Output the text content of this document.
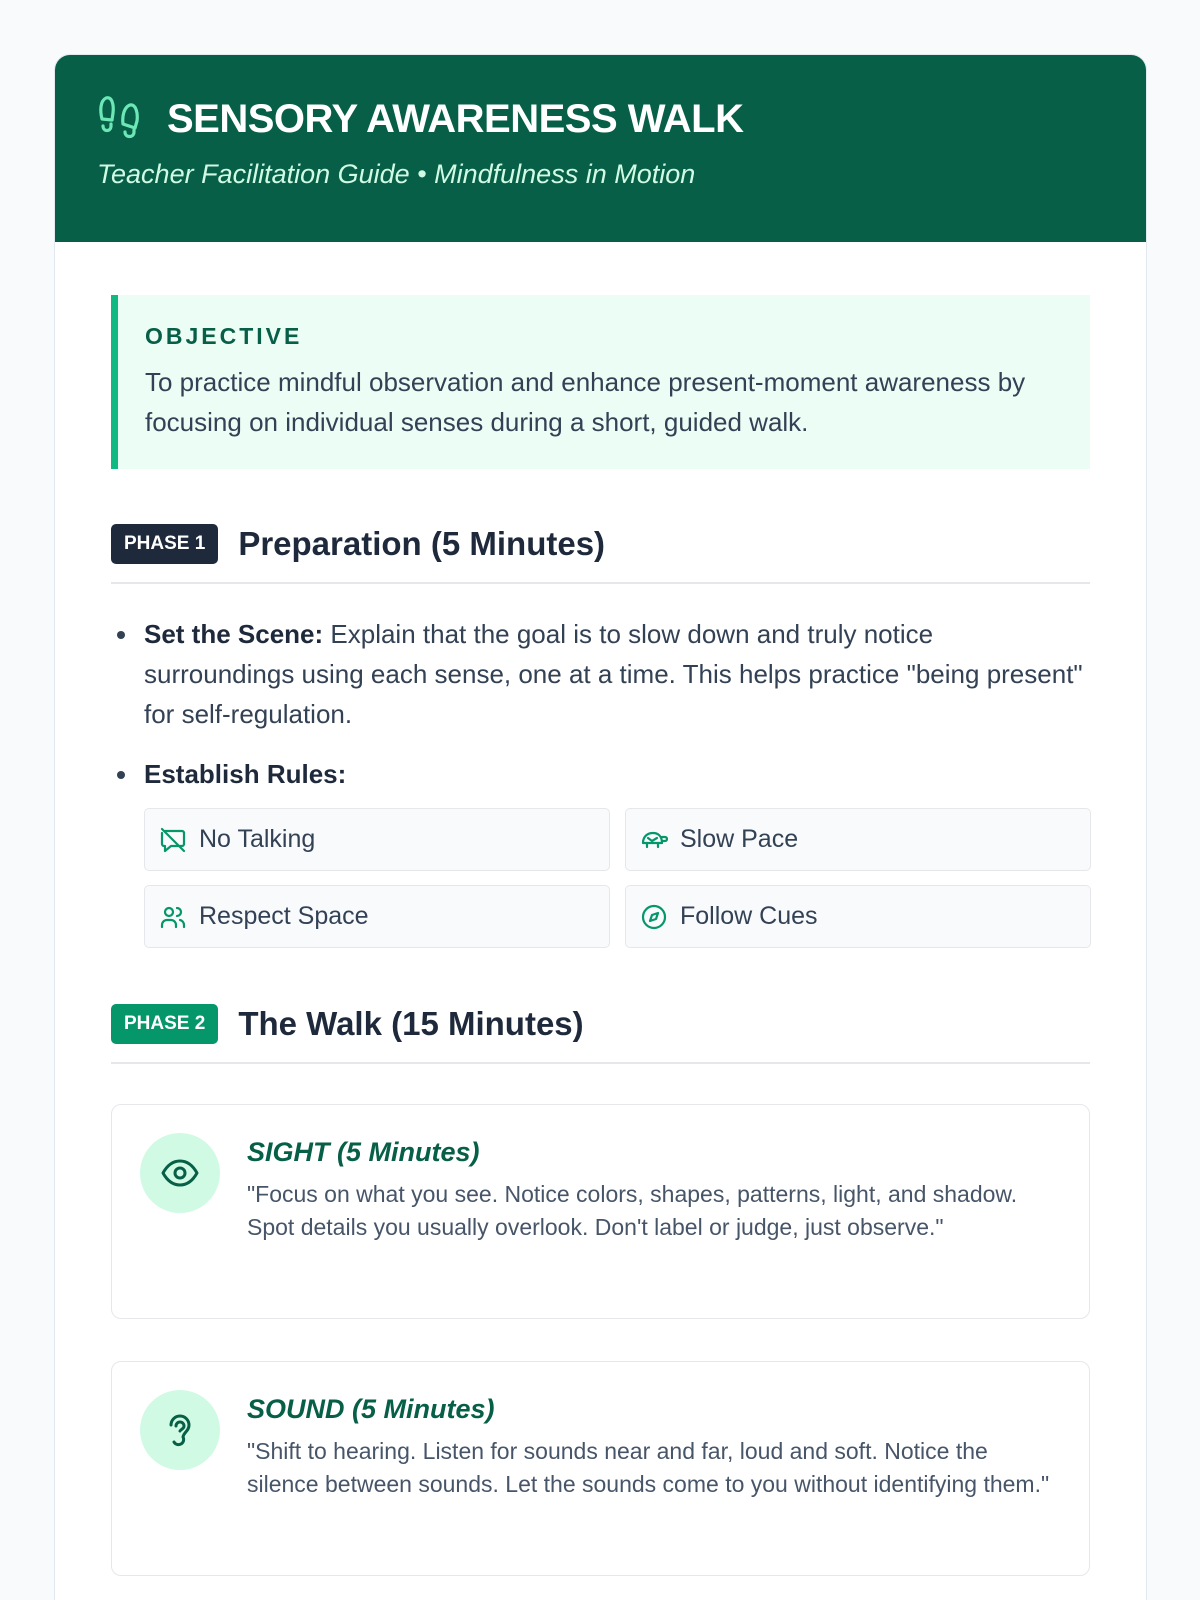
SENSORY AWARENESS WALK
Teacher Facilitation Guide • Mindfulness in Motion
OBJECTIVE
To practice mindful observation and enhance present-moment awareness by focusing on individual senses during a short, guided walk.
PHASE 1	Preparation (5 Minutes)
Set the Scene: Explain that the goal is to slow down and truly notice surroundings using each sense, one at a time. This helps practice "being present" for self-regulation.
Establish Rules:
No Talking	Slow Pace
Respect Space	Follow Cues
PHASE 2	The Walk (15 Minutes)
SIGHT (5 Minutes)
"Focus on what you see. Notice colors, shapes, patterns, light, and shadow. Spot details you usually overlook. Don't label or judge, just observe."
SOUND (5 Minutes)
"Shift to hearing. Listen for sounds near and far, loud and soft. Notice the silence between sounds. Let the sounds come to you without identifying them."
